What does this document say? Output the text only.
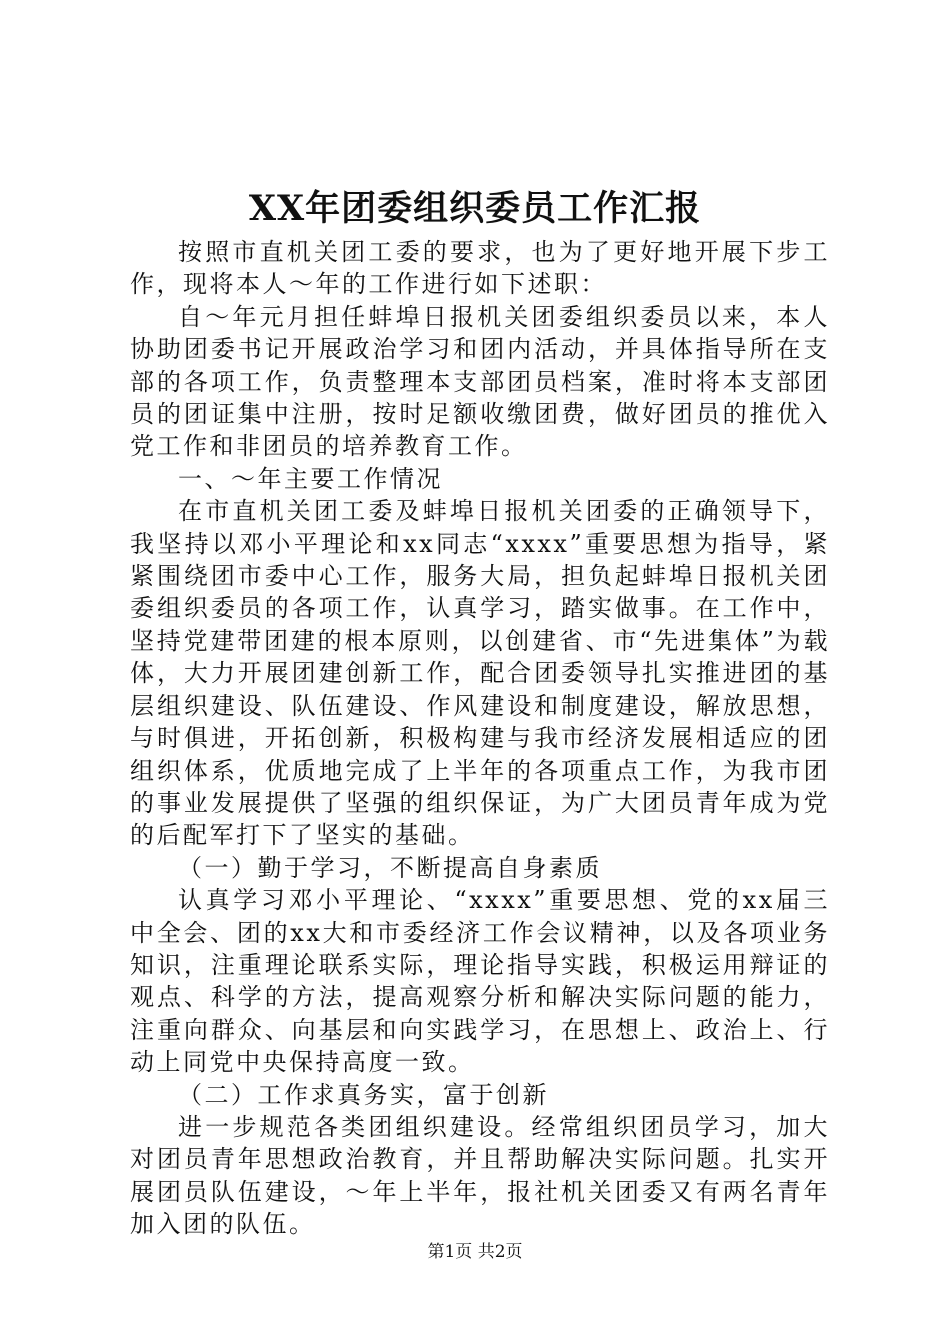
XX年团委组织委员工作汇报

按照市直机关团工委的要求，也为了更好地开展下步工作，现将本人～年的工作进行如下述职：

自～年元月担任蚌埠日报机关团委组织委员以来，本人协助团委书记开展政治学习和团内活动，并具体指导所在支部的各项工作，负责整理本支部团员档案，准时将本支部团员的团证集中注册，按时足额收缴团费，做好团员的推优入党工作和非团员的培养教育工作。

一、～年主要工作情况

在市直机关团工委及蚌埠日报机关团委的正确领导下，我坚持以邓小平理论和xx同志“xxxx”重要思想为指导，紧紧围绕团市委中心工作，服务大局，担负起蚌埠日报机关团委组织委员的各项工作，认真学习，踏实做事。在工作中，坚持党建带团建的根本原则，以创建省、市“先进集体”为载体，大力开展团建创新工作，配合团委领导扎实推进团的基层组织建设、队伍建设、作风建设和制度建设，解放思想，与时俱进，开拓创新，积极构建与我市经济发展相适应的团组织体系，优质地完成了上半年的各项重点工作，为我市团的事业发展提供了坚强的组织保证，为广大团员青年成为党的后配军打下了坚实的基础。

（一）勤于学习，不断提高自身素质

认真学习邓小平理论、“xxxx”重要思想、党的xx届三中全会、团的xx大和市委经济工作会议精神，以及各项业务知识，注重理论联系实际，理论指导实践，积极运用辩证的观点、科学的方法，提高观察分析和解决实际问题的能力，注重向群众、向基层和向实践学习，在思想上、政治上、行动上同党中央保持高度一致。

（二）工作求真务实，富于创新

进一步规范各类团组织建设。经常组织团员学习，加大对团员青年思想政治教育，并且帮助解决实际问题。扎实开展团员队伍建设，～年上半年，报社机关团委又有两名青年加入团的队伍。

第1页 共2页
